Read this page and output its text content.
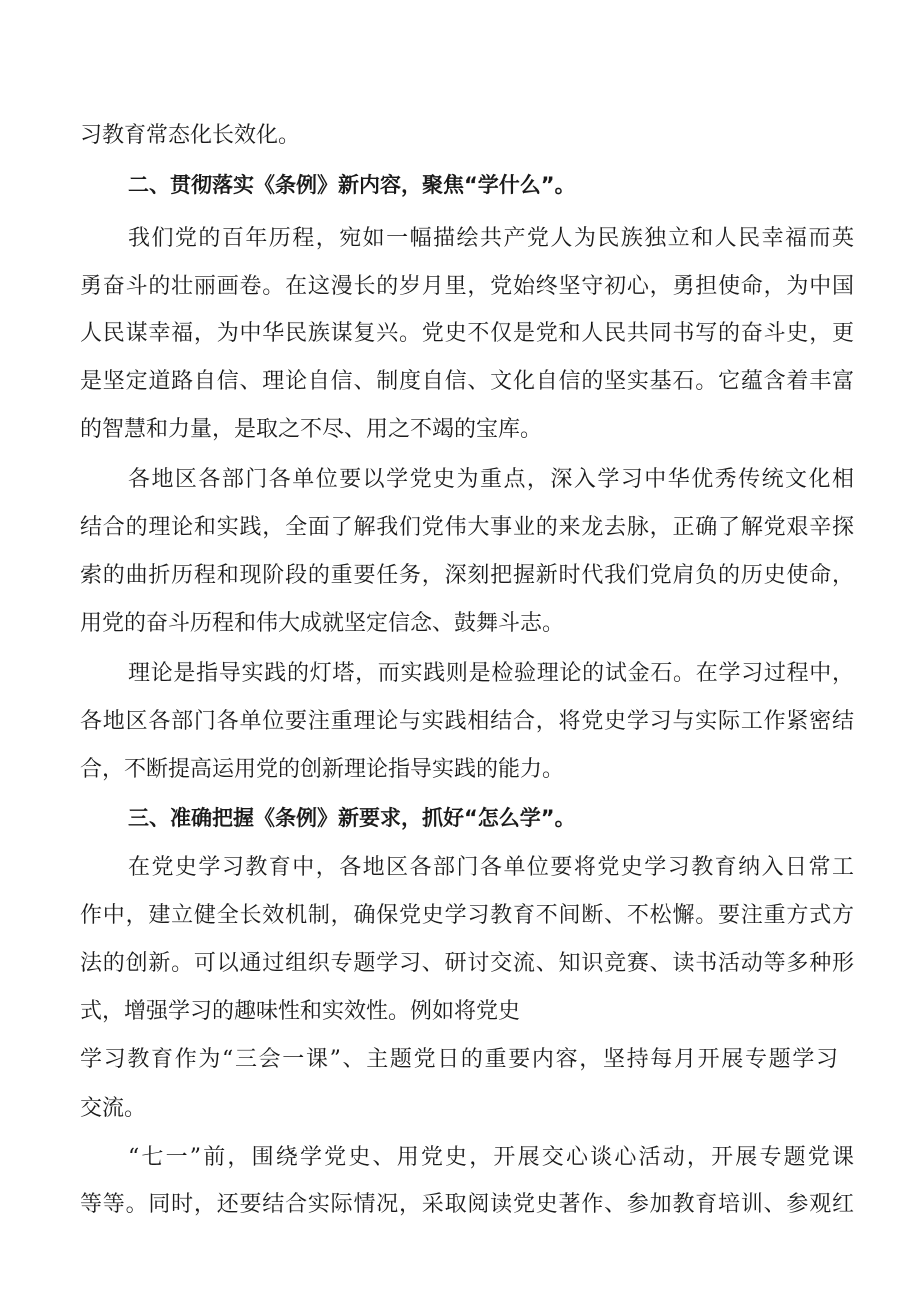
习教育常态化长效化。
二、贯彻落实《条例》新内容，聚焦“学什么”。
我们党的百年历程，宛如一幅描绘共产党人为民族独立和人民幸福而英
勇奋斗的壮丽画卷。在这漫长的岁月里，党始终坚守初心，勇担使命，为中国
人民谋幸福，为中华民族谋复兴。党史不仅是党和人民共同书写的奋斗史，更
是坚定道路自信、理论自信、制度自信、文化自信的坚实基石。它蕴含着丰富
的智慧和力量，是取之不尽、用之不竭的宝库。
各地区各部门各单位要以学党史为重点，深入学习中华优秀传统文化相
结合的理论和实践，全面了解我们党伟大事业的来龙去脉，正确了解党艰辛探
索的曲折历程和现阶段的重要任务，深刻把握新时代我们党肩负的历史使命，
用党的奋斗历程和伟大成就坚定信念、鼓舞斗志。
理论是指导实践的灯塔，而实践则是检验理论的试金石。在学习过程中，
各地区各部门各单位要注重理论与实践相结合，将党史学习与实际工作紧密结
合，不断提高运用党的创新理论指导实践的能力。
三、准确把握《条例》新要求，抓好“怎么学”。
在党史学习教育中，各地区各部门各单位要将党史学习教育纳入日常工
作中，建立健全长效机制，确保党史学习教育不间断、不松懈。要注重方式方
法的创新。可以通过组织专题学习、研讨交流、知识竞赛、读书活动等多种形
式，增强学习的趣味性和实效性。例如将党史
学习教育作为“三会一课”、主题党日的重要内容，坚持每月开展专题学习
交流。
“七一”前，围绕学党史、用党史，开展交心谈心活动，开展专题党课
等等。同时，还要结合实际情况，采取阅读党史著作、参加教育培训、参观红
